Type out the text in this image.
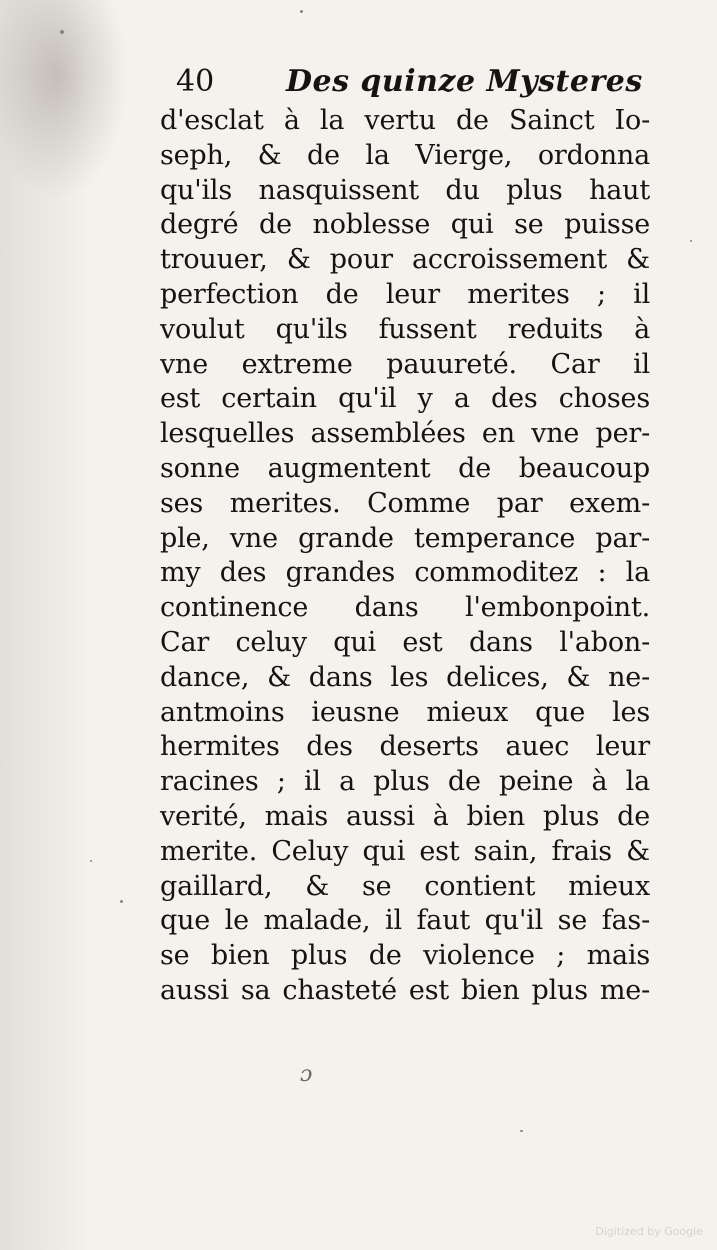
40 Des quinze Mysteres
d'esclat à la vertu de Sainct Io-
seph, & de la Vierge, ordonna
qu'ils nasquissent du plus haut
degré de noblesse qui se puisse
trouuer, & pour accroissement &
perfection de leur merites ; il
voulut qu'ils fussent reduits à
vne extreme pauureté. Car il
est certain qu'il y a des choses
lesquelles assemblées en vne per-
sonne augmentent de beaucoup
ses merites. Comme par exem-
ple, vne grande temperance par-
my des grandes commoditez : la
continence dans l'embonpoint.
Car celuy qui est dans l'abon-
dance, & dans les delices, & ne-
antmoins ieusne mieux que les
hermites des deserts auec leur
racines ; il a plus de peine à la
verité, mais aussi à bien plus de
merite. Celuy qui est sain, frais &
gaillard, & se contient mieux
que le malade, il faut qu'il se fas-
se bien plus de violence ; mais
aussi sa chasteté est bien plus me-
ɔ
Digitized by Google
